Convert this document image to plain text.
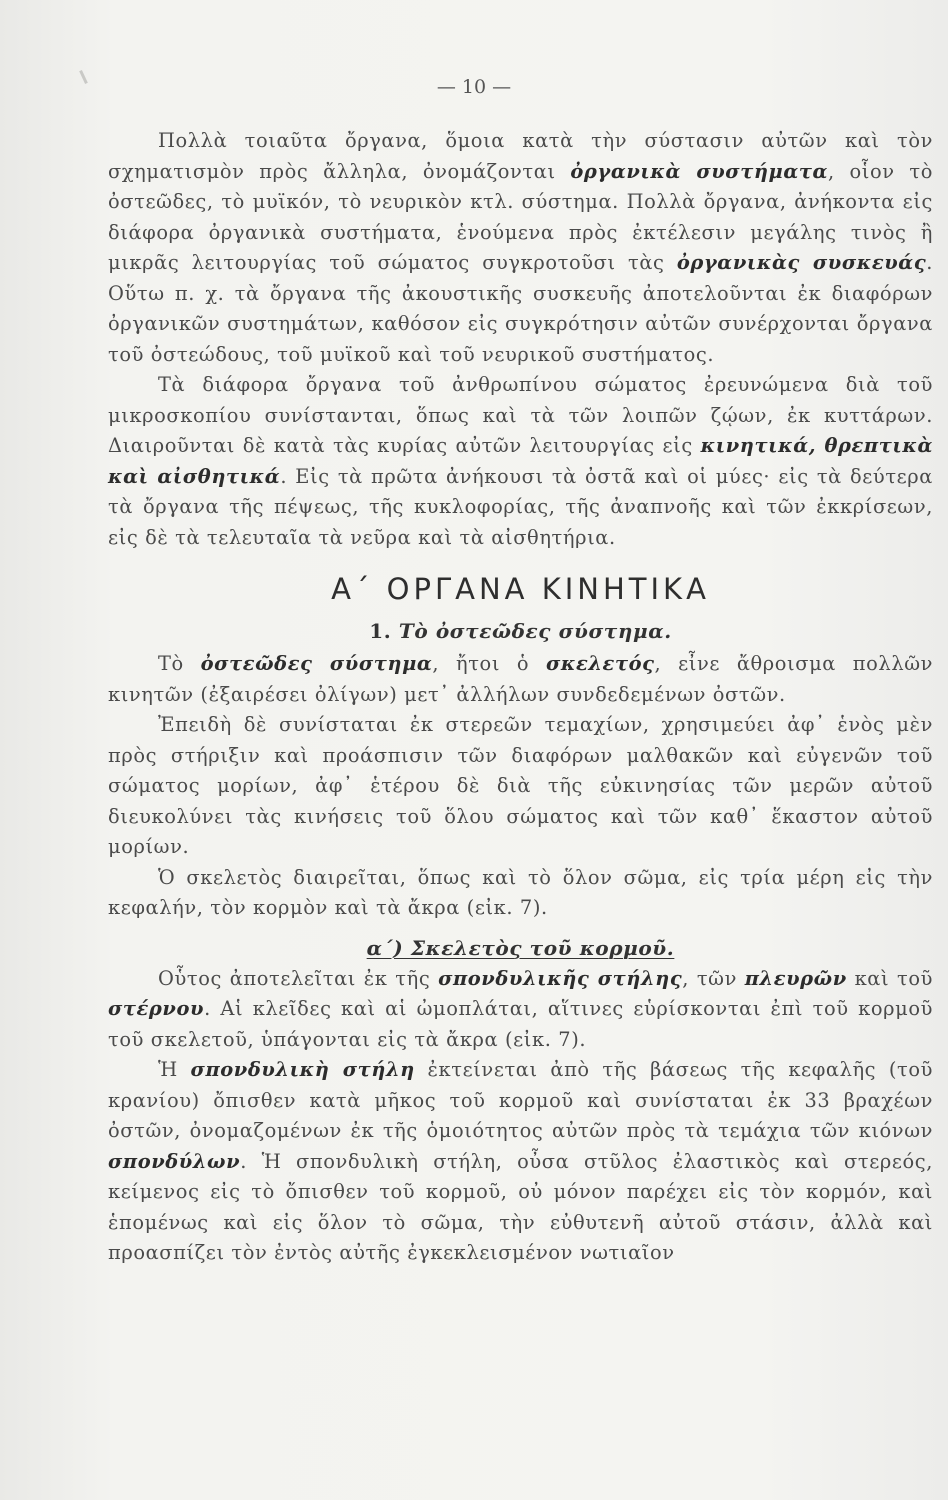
— 10 —

Πολλὰ τοιαῦτα ὄργανα, ὅμοια κατὰ τὴν σύστασιν αὐτῶν καὶ τὸν σχηματισμὸν πρὸς ἄλληλα, ὀνομάζονται ὀργανικὰ συστήματα, οἷον τὸ ὀστεῶδες, τὸ μυϊκόν, τὸ νευρικὸν κτλ. σύστημα. Πολλὰ ὄργανα, ἀνήκοντα εἰς διάφορα ὀργανικὰ συστήματα, ἑνούμενα πρὸς ἐκτέλεσιν μεγάλης τινὸς ἢ μικρᾶς λειτουργίας τοῦ σώματος συγκροτοῦσι τὰς ὀργανικὰς συσκευάς. Οὕτω π. χ. τὰ ὄργανα τῆς ἀκουστικῆς συσκευῆς ἀποτελοῦνται ἐκ διαφόρων ὀργανικῶν συστημάτων, καθόσον εἰς συγκρότησιν αὐτῶν συνέρχονται ὄργανα τοῦ ὀστεώδους, τοῦ μυϊκοῦ καὶ τοῦ νευρικοῦ συστήματος.

Τὰ διάφορα ὄργανα τοῦ ἀνθρωπίνου σώματος ἐρευνώμενα διὰ τοῦ μικροσκοπίου συνίστανται, ὅπως καὶ τὰ τῶν λοιπῶν ζῴων, ἐκ κυττάρων. Διαιροῦνται δὲ κατὰ τὰς κυρίας αὐτῶν λειτουργίας εἰς κινητικά, θρεπτικὰ καὶ αἰσθητικά. Εἰς τὰ πρῶτα ἀνήκουσι τὰ ὀστᾶ καὶ οἱ μύες· εἰς τὰ δεύτερα τὰ ὄργανα τῆς πέψεως, τῆς κυκλοφορίας, τῆς ἀναπνοῆς καὶ τῶν ἐκκρίσεων, εἰς δὲ τὰ τελευταῖα τὰ νεῦρα καὶ τὰ αἰσθητήρια.

Α΄ ΟΡΓΑΝΑ ΚΙΝΗΤΙΚΑ
1. Τὸ ὀστεῶδες σύστημα.

Τὸ ὀστεῶδες σύστημα, ἤτοι ὁ σκελετός, εἶνε ἄθροισμα πολλῶν κινητῶν (ἐξαιρέσει ὀλίγων) μετ᾽ ἀλλήλων συνδεδεμένων ὀστῶν.

Ἐπειδὴ δὲ συνίσταται ἐκ στερεῶν τεμαχίων, χρησιμεύει ἀφ᾽ ἑνὸς μὲν πρὸς στήριξιν καὶ προάσπισιν τῶν διαφόρων μαλθακῶν καὶ εὐγενῶν τοῦ σώματος μορίων, ἀφ᾽ ἑτέρου δὲ διὰ τῆς εὐκινησίας τῶν μερῶν αὐτοῦ διευκολύνει τὰς κινήσεις τοῦ ὅλου σώματος καὶ τῶν καθ᾽ ἕκαστον αὐτοῦ μορίων.

Ὁ σκελετὸς διαιρεῖται, ὅπως καὶ τὸ ὅλον σῶμα, εἰς τρία μέρη εἰς τὴν κεφαλήν, τὸν κορμὸν καὶ τὰ ἄκρα (εἰκ. 7).

α΄) Σκελετὸς τοῦ κορμοῦ.

Οὗτος ἀποτελεῖται ἐκ τῆς σπονδυλικῆς στήλης, τῶν πλευρῶν καὶ τοῦ στέρνου. Αἱ κλεῖδες καὶ αἱ ὠμοπλάται, αἵτινες εὑρίσκονται ἐπὶ τοῦ κορμοῦ τοῦ σκελετοῦ, ὑπάγονται εἰς τὰ ἄκρα (εἰκ. 7).

Ἡ σπονδυλικὴ στήλη ἐκτείνεται ἀπὸ τῆς βάσεως τῆς κεφαλῆς (τοῦ κρανίου) ὄπισθεν κατὰ μῆκος τοῦ κορμοῦ καὶ συνίσταται ἐκ 33 βραχέων ὀστῶν, ὀνομαζομένων ἐκ τῆς ὁμοιότητος αὐτῶν πρὸς τὰ τεμάχια τῶν κιόνων σπονδύλων. Ἡ σπονδυλικὴ στήλη, οὖσα στῦλος ἐλαστικὸς καὶ στερεός, κείμενος εἰς τὸ ὄπισθεν τοῦ κορμοῦ, οὐ μόνον παρέχει εἰς τὸν κορμόν, καὶ ἑπομένως καὶ εἰς ὅλον τὸ σῶμα, τὴν εὐθυτενῆ αὐτοῦ στάσιν, ἀλλὰ καὶ προασπίζει τὸν ἐντὸς αὐτῆς ἐγκεκλεισμένον νωτιαῖον
